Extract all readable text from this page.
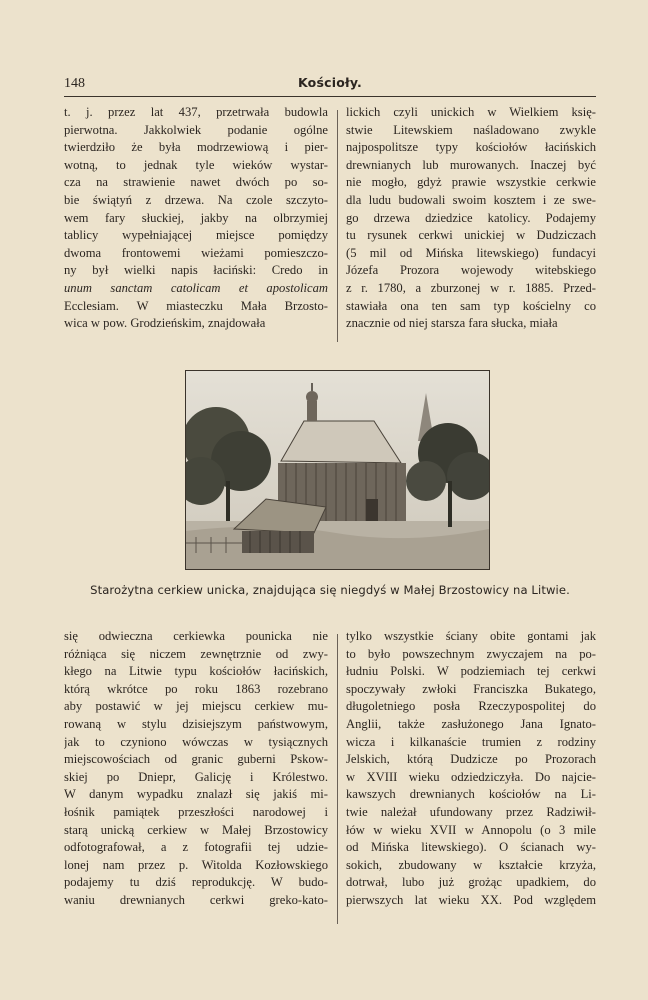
148	Kościoły.
t. j. przez lat 437, przetrwała budowla
pierwotna. Jakkolwiek podanie ogólne
twierdziło że była modrzewiową i pier-
wotną, to jednak tyle wieków wystar-
cza na strawienie nawet dwóch po so-
bie świątyń z drzewa. Na czole szczyto-
wem fary słuckiej, jakby na olbrzymiej
tablicy wypełniającej miejsce pomiędzy
dwoma frontowemi wieżami pomieszczo-
ny był wielki napis łaciński: Credo in
unum sanctam catolicam et apostolicam
Ecclesiam. W miasteczku Mała Brzosto-
wica w pow. Grodzieńskim, znajdowała
lickich czyli unickich w Wielkiem księ-
stwie Litewskiem naśladowano zwykle
najpospolitsze typy kościołów łacińskich
drewnianych lub murowanych. Inaczej być
nie mogło, gdyż prawie wszystkie cerkwie
dla ludu budowali swoim kosztem i ze swe-
go drzewa dziedzice katolicy. Podajemy
tu rysunek cerkwi unickiej w Dudziczach
(5 mil od Mińska litewskiego) fundacyi
Józefa Prozora wojewody witebskiego
z r. 1780, a zburzonej w r. 1885. Przed-
stawiała ona ten sam typ kościelny co
znacznie od niej starsza fara słucka, miała
Starożytna cerkiew unicka, znajdująca się niegdyś w Małej Brzostowicy na Litwie.
się odwieczna cerkiewka pounicka nie
różniąca się niczem zewnętrznie od zwy-
kłego na Litwie typu kościołów łacińskich,
którą wkrótce po roku 1863 rozebrano
aby postawić w jej miejscu cerkiew mu-
rowaną w stylu dzisiejszym państwowym,
jak to czyniono wówczas w tysiącznych
miejscowościach od granic guberni Pskow-
skiej po Dniepr, Galicję i Królestwo.
W danym wypadku znalazł się jakiś mi-
łośnik pamiątek przeszłości narodowej i
starą unicką cerkiew w Małej Brzostowicy
odfotografował, a z fotografii tej udzie-
lonej nam przez p. Witolda Kozłowskiego
podajemy tu dziś reprodukcję. W budo-
waniu drewnianych cerkwi greko-kato-
tylko wszystkie ściany obite gontami jak
to było powszechnym zwyczajem na po-
łudniu Polski. W podziemiach tej cerkwi
spoczywały zwłoki Franciszka Bukatego,
długoletniego posła Rzeczypospolitej do
Anglii, także zasłużonego Jana Ignato-
wicza i kilkanaście trumien z rodziny
Jelskich, którą Dudzicze po Prozorach
w XVIII wieku odziedziczyła. Do najcie-
kawszych drewnianych kościołów na Li-
twie należał ufundowany przez Radziwił-
łów w wieku XVII w Annopolu (o 3 mile
od Mińska litewskiego). O ścianach wy-
sokich, zbudowany w kształcie krzyża,
dotrwał, lubo już grożąc upadkiem, do
pierwszych lat wieku XX. Pod względem
